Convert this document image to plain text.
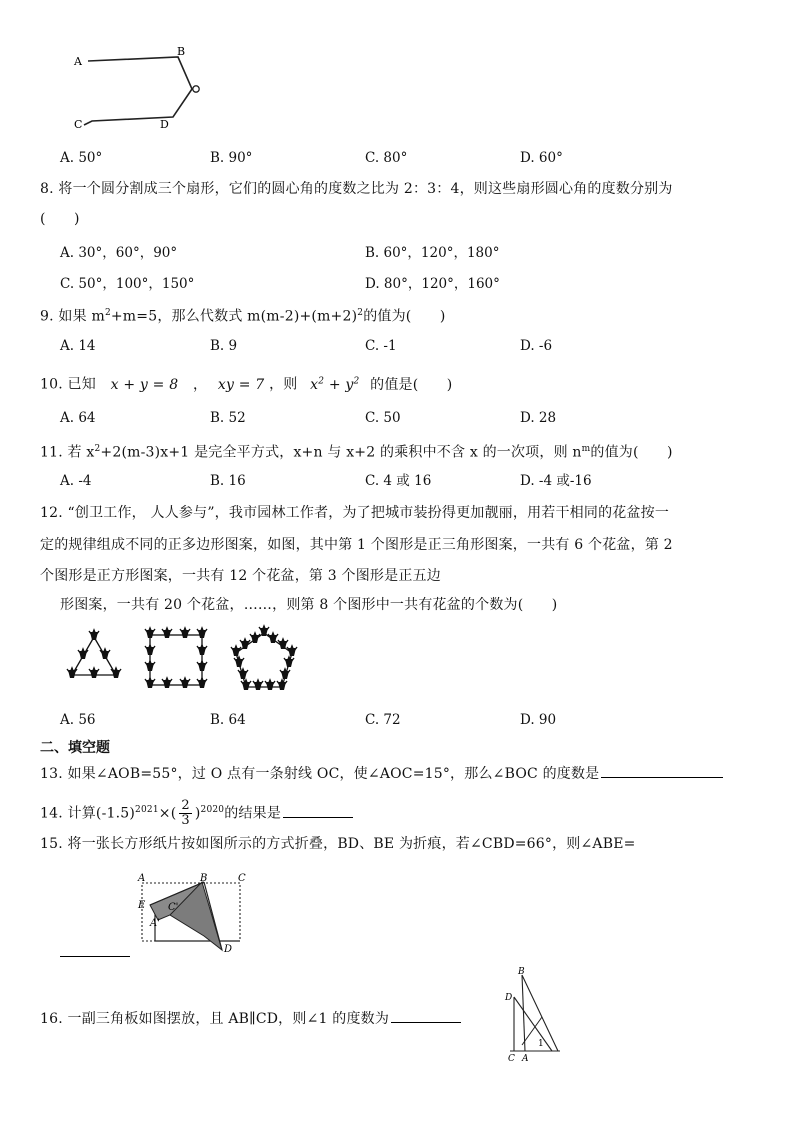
A
B
C	D
A. 50°	B. 90°	C. 80°	D. 60°
8. 将一个圆分割成三个扇形，它们的圆心角的度数之比为 2：3：4，则这些扇形圆心角的度数分别为
(　　)
A. 30°，60°，90°	B. 60°，120°，180°
C. 50°，100°，150°	D. 80°，120°，160°
9. 如果 $m^2+m=5$，那么代数式 $m(m-2)+(m+2)^2$的值为(　　)
A. 14	B. 9	C. -1	D. -6
10. 已知 x + y = 8 ， xy = 7 ，则 $x^2 + y^2$ 的值是(　　)
A. 64	B. 52	C. 50	D. 28
11. 若 $x^2+2(m-3)x+1$ 是完全平方式，x+n 与 x+2 的乘积中不含 x 的一次项，则 $n^m$的值为(　　)
A. -4	B. 16	C. 4 或 16	D. -4 或-16
12. “创卫工作， 人人参与”，我市园林工作者，为了把城市装扮得更加靓丽，用若干相同的花盆按一
定的规律组成不同的正多边形图案，如图，其中第 1 个图形是正三角形图案，一共有 6 个花盆，第 2
个图形是正方形图案，一共有 12 个花盆，第 3 个图形是正五边
形图案，一共有 20 个花盆，……，则第 8 个图形中一共有花盆的个数为(　　)
A. 56	B. 64	C. 72	D. 90
二、填空题
13. 如果∠AOB=55°，过 O 点有一条射线 OC，使∠AOC=15°，那么∠BOC 的度数是
14. 计算$(-1.5)^{2021}\times( \frac{2}{3} )^{2020}$的结果是
15. 将一张长方形纸片按如图所示的方式折叠，BD、BE 为折痕，若∠CBD=66°，则∠ABE=
A	B	C
E C'
A'
D
16. 一副三角板如图摆放，且 AB∥CD，则∠1 的度数为
B
D
C A
1
